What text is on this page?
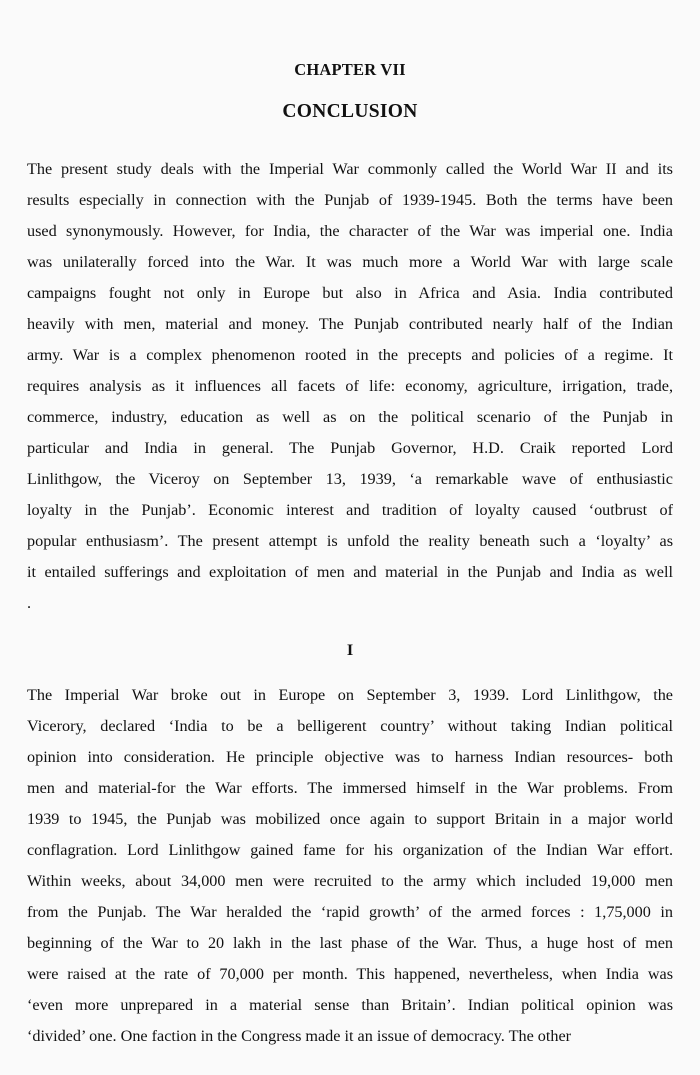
CHAPTER VII
CONCLUSION
The present study deals with the Imperial War commonly called the World War II and its
results especially in connection with the Punjab of 1939-1945. Both the terms have been
used synonymously. However, for India, the character of the War was imperial one. India
was unilaterally forced into the War. It was much more a World War with large scale
campaigns fought not only in Europe but also in Africa and Asia. India contributed
heavily with men, material and money. The Punjab contributed nearly half of the Indian
army. War is a complex phenomenon rooted in the precepts and policies of a regime. It
requires analysis as it influences all facets of life: economy, agriculture, irrigation, trade,
commerce, industry, education as well as on the political scenario of the Punjab in
particular and India in general. The Punjab Governor, H.D. Craik reported Lord
Linlithgow, the Viceroy on September 13, 1939, ‘a remarkable wave of enthusiastic
loyalty in the Punjab’. Economic interest and tradition of loyalty caused ‘outbrust of
popular enthusiasm’. The present attempt is unfold the reality beneath such a ‘loyalty’ as
it entailed sufferings and exploitation of men and material in the Punjab and India as well
.
I
The Imperial War broke out in Europe on September 3, 1939. Lord Linlithgow, the
Vicerory, declared ‘India to be a belligerent country’ without taking Indian political
opinion into consideration. He principle objective was to harness Indian resources- both
men and material-for the War efforts. The immersed himself in the War problems. From
1939 to 1945, the Punjab was mobilized once again to support Britain in a major world
conflagration. Lord Linlithgow gained fame for his organization of the Indian War effort.
Within weeks, about 34,000 men were recruited to the army which included 19,000 men
from the Punjab. The War heralded the ‘rapid growth’ of the armed forces : 1,75,000 in
beginning of the War to 20 lakh in the last phase of the War. Thus, a huge host of men
were raised at the rate of 70,000 per month. This happened, nevertheless, when India was
‘even more unprepared in a material sense than Britain’. Indian political opinion was
‘divided’ one. One faction in the Congress made it an issue of democracy. The other
